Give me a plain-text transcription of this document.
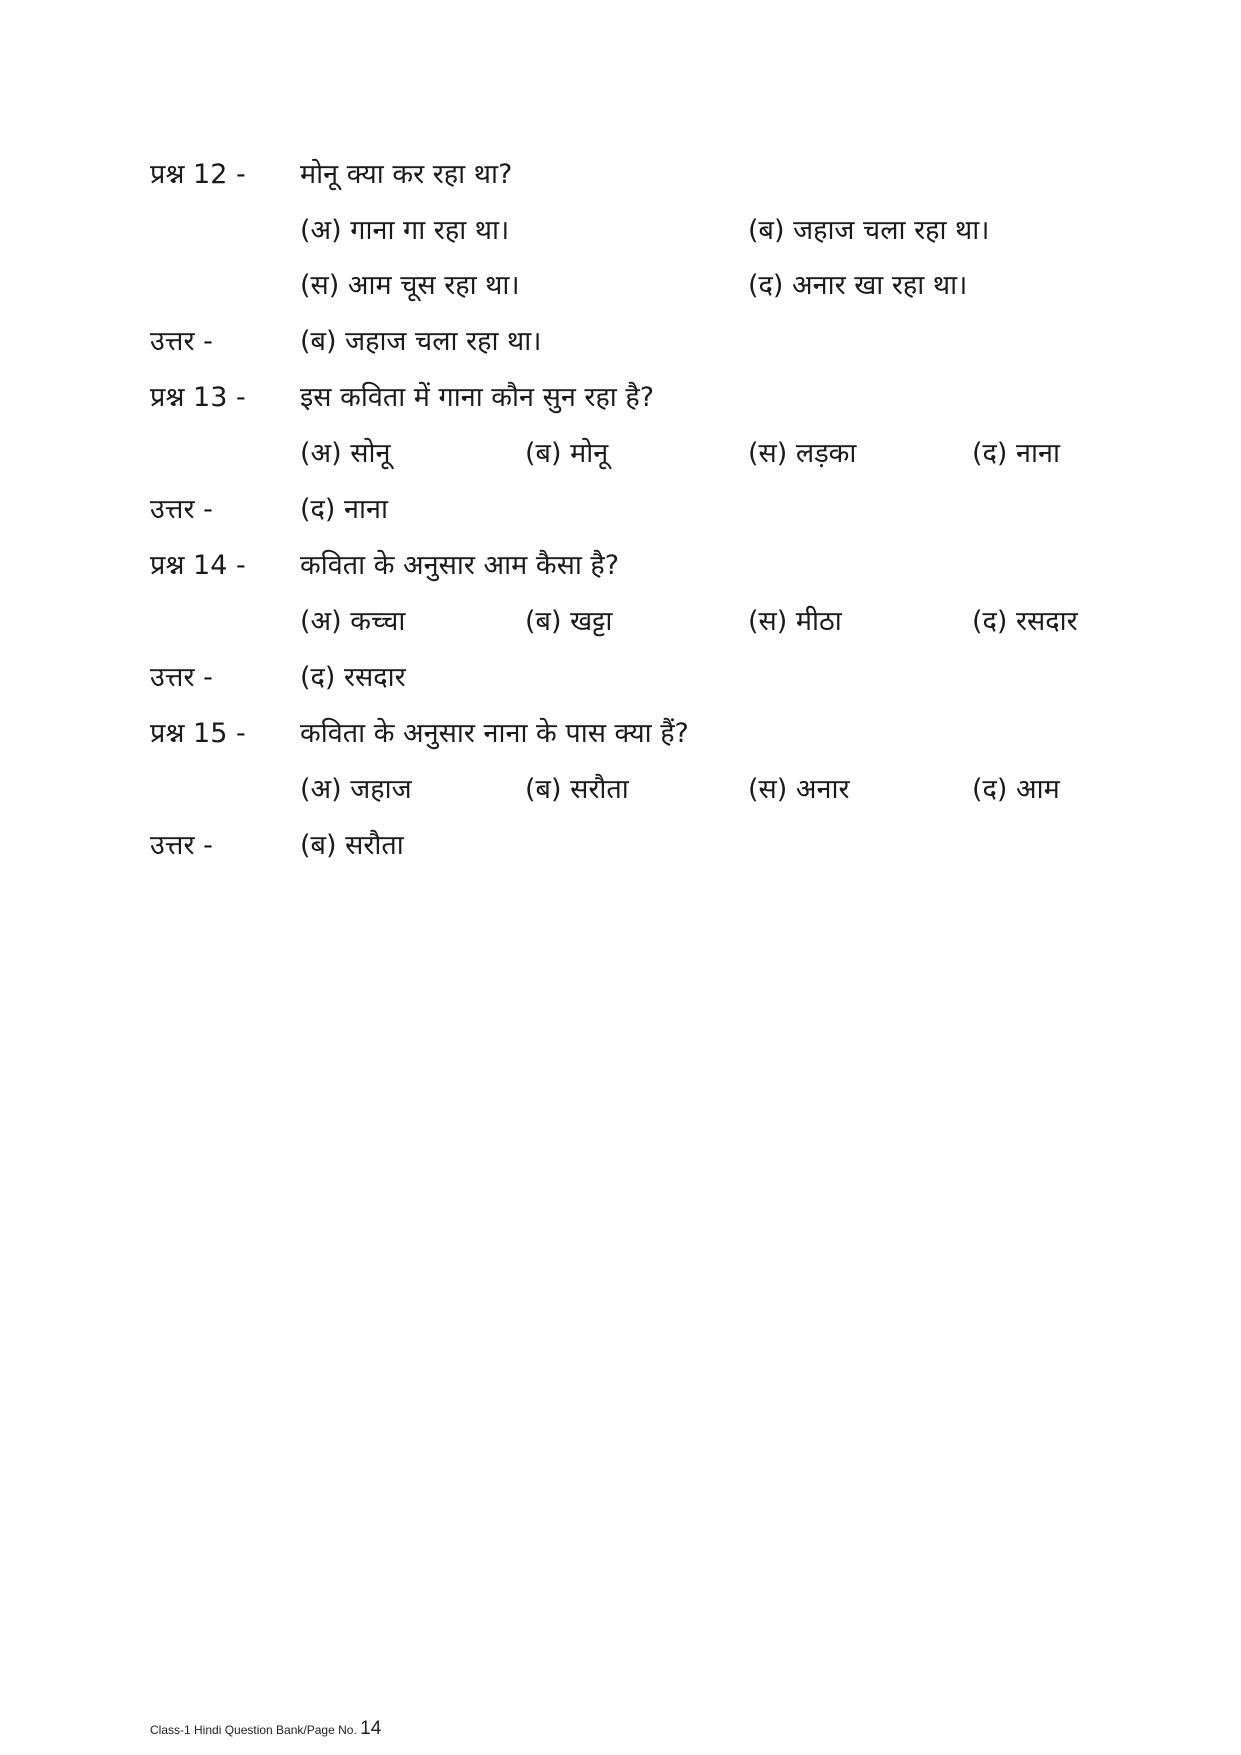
प्रश्न 12 - मोनू क्या कर रहा था?
(अ) गाना गा रहा था।	(ब) जहाज चला रहा था।
(स) आम चूस रहा था।	(द) अनार खा रहा था।
उत्तर -	(ब) जहाज चला रहा था।
प्रश्न 13 - इस कविता में गाना कौन सुन रहा है?
(अ) सोनू	(ब) मोनू	(स) लड़का	(द) नाना
उत्तर -	(द) नाना
प्रश्न 14 - कविता के अनुसार आम कैसा है?
(अ) कच्चा	(ब) खट्टा	(स) मीठा	(द) रसदार
उत्तर -	(द) रसदार
प्रश्न 15 - कविता के अनुसार नाना के पास क्या हैं?
(अ) जहाज	(ब) सरौता	(स) अनार	(द) आम
उत्तर -	(ब) सरौता
Class-1 Hindi Question Bank/Page No. 14
